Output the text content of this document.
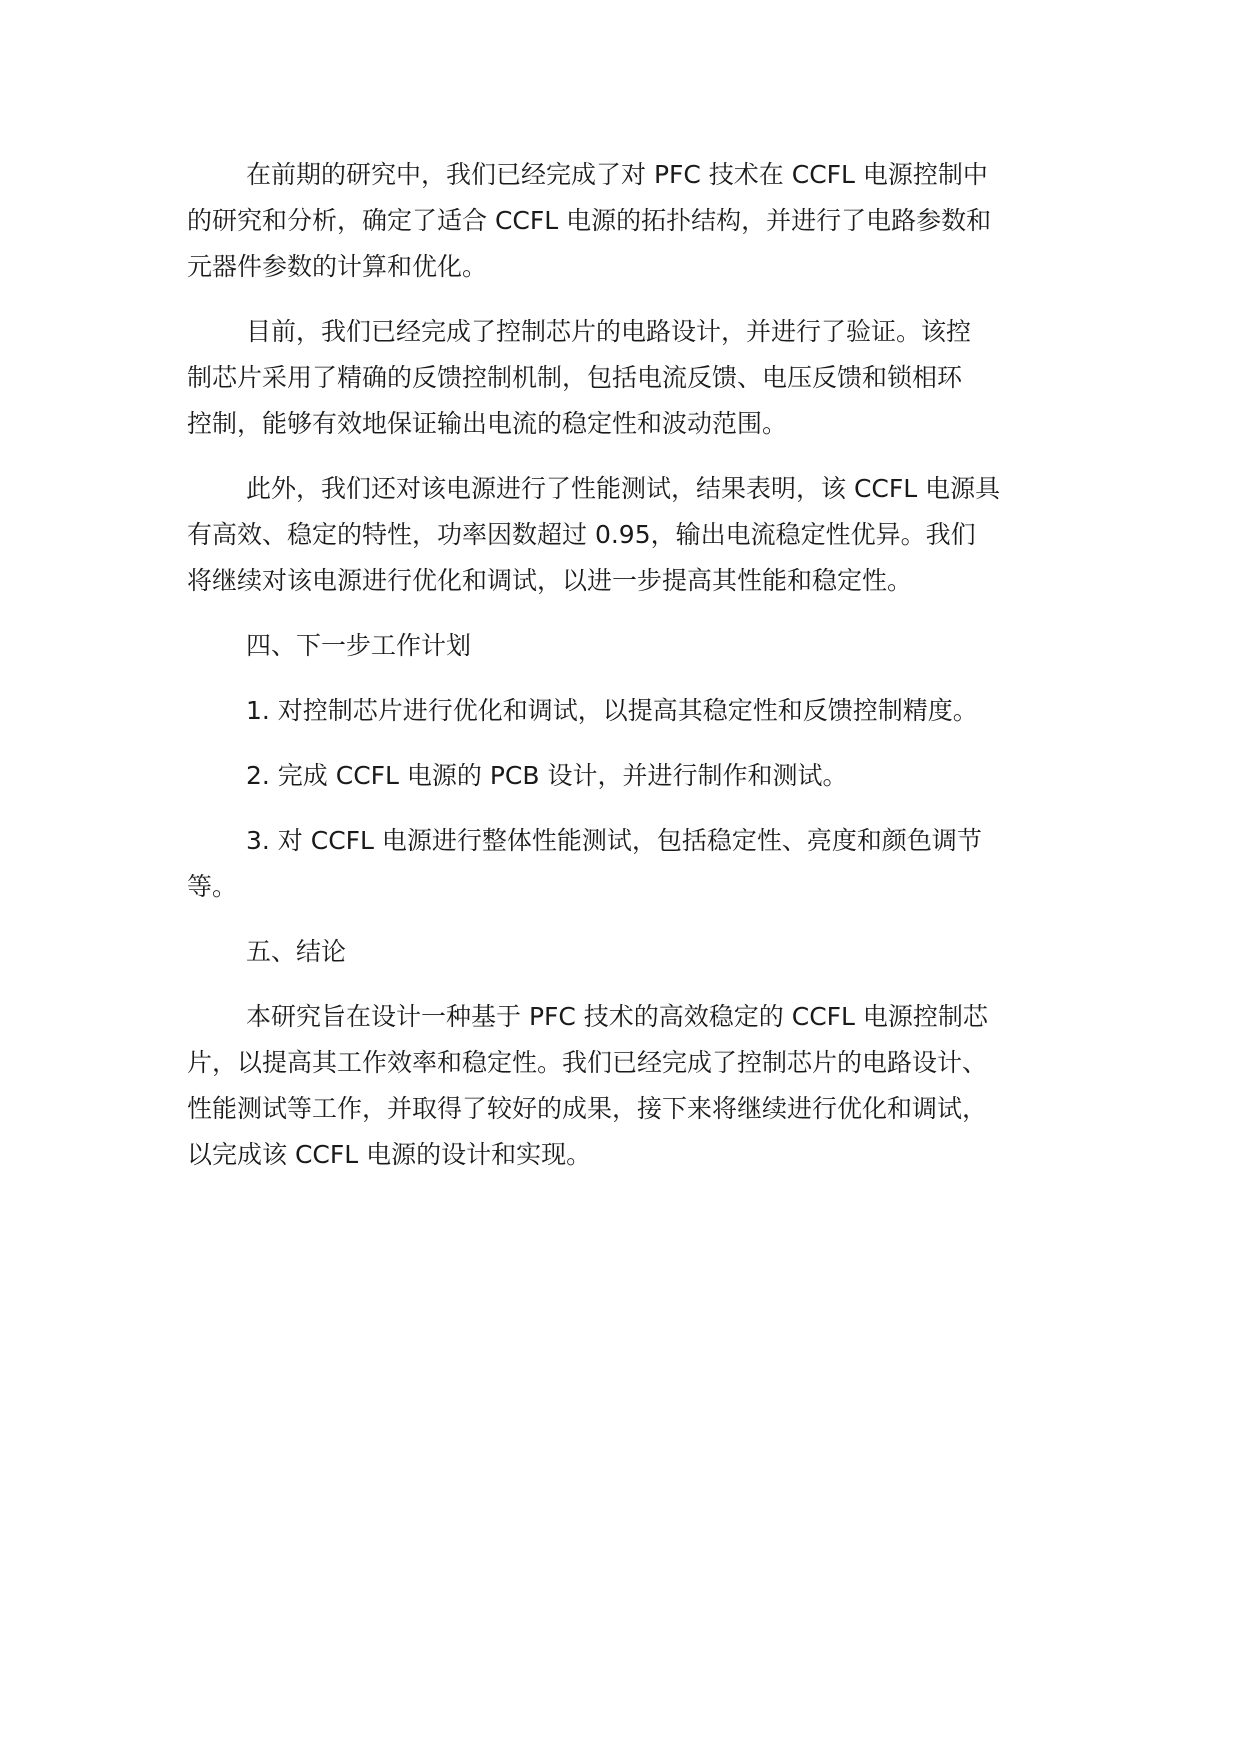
在前期的研究中，我们已经完成了对 PFC 技术在 CCFL 电源控制中
的研究和分析，确定了适合 CCFL 电源的拓扑结构，并进行了电路参数和
元器件参数的计算和优化。
目前，我们已经完成了控制芯片的电路设计，并进行了验证。该控
制芯片采用了精确的反馈控制机制，包括电流反馈、电压反馈和锁相环
控制，能够有效地保证输出电流的稳定性和波动范围。
此外，我们还对该电源进行了性能测试，结果表明，该 CCFL 电源具
有高效、稳定的特性，功率因数超过 0.95，输出电流稳定性优异。我们
将继续对该电源进行优化和调试，以进一步提高其性能和稳定性。
四、下一步工作计划
1. 对控制芯片进行优化和调试，以提高其稳定性和反馈控制精度。
2. 完成 CCFL 电源的 PCB 设计，并进行制作和测试。
3. 对 CCFL 电源进行整体性能测试，包括稳定性、亮度和颜色调节
等。
五、结论
本研究旨在设计一种基于 PFC 技术的高效稳定的 CCFL 电源控制芯
片，以提高其工作效率和稳定性。我们已经完成了控制芯片的电路设计、
性能测试等工作，并取得了较好的成果，接下来将继续进行优化和调试，
以完成该 CCFL 电源的设计和实现。
